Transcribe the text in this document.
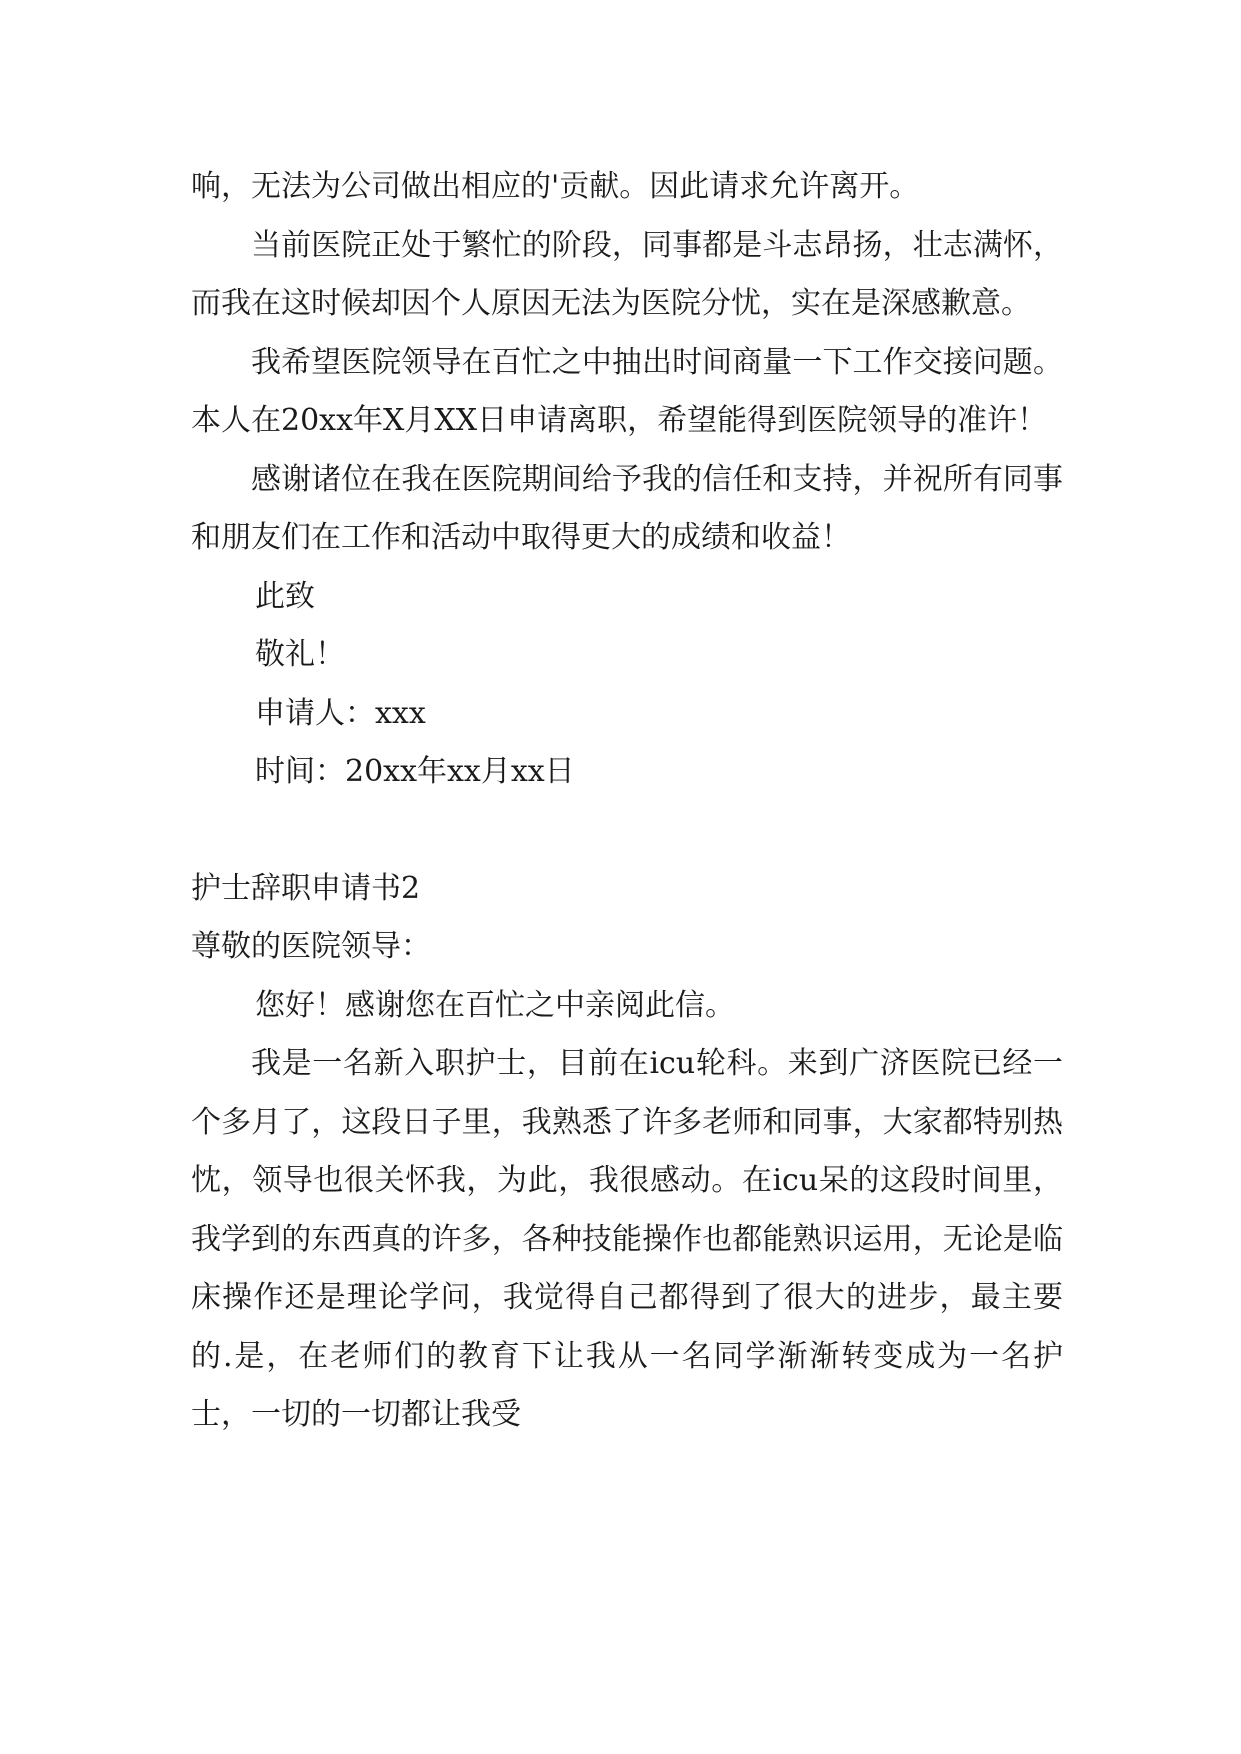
响，无法为公司做出相应的'贡献。因此请求允许离开。

当前医院正处于繁忙的阶段，同事都是斗志昂扬，壮志满怀，而我在这时候却因个人原因无法为医院分忧，实在是深感歉意。

我希望医院领导在百忙之中抽出时间商量一下工作交接问题。本人在20xx年X月XX日申请离职，希望能得到医院领导的准许！

感谢诸位在我在医院期间给予我的信任和支持，并祝所有同事和朋友们在工作和活动中取得更大的成绩和收益！

此致

敬礼！

申请人：xxx

时间：20xx年xx月xx日

护士辞职申请书2

尊敬的医院领导：

您好！感谢您在百忙之中亲阅此信。

我是一名新入职护士，目前在icu轮科。来到广济医院已经一个多月了，这段日子里，我熟悉了许多老师和同事，大家都特别热忱，领导也很关怀我，为此，我很感动。在icu呆的这段时间里，我学到的东西真的许多，各种技能操作也都能熟识运用，无论是临床操作还是理论学问，我觉得自己都得到了很大的进步，最主要的.是，在老师们的教育下让我从一名同学渐渐转变成为一名护士，一切的一切都让我受
